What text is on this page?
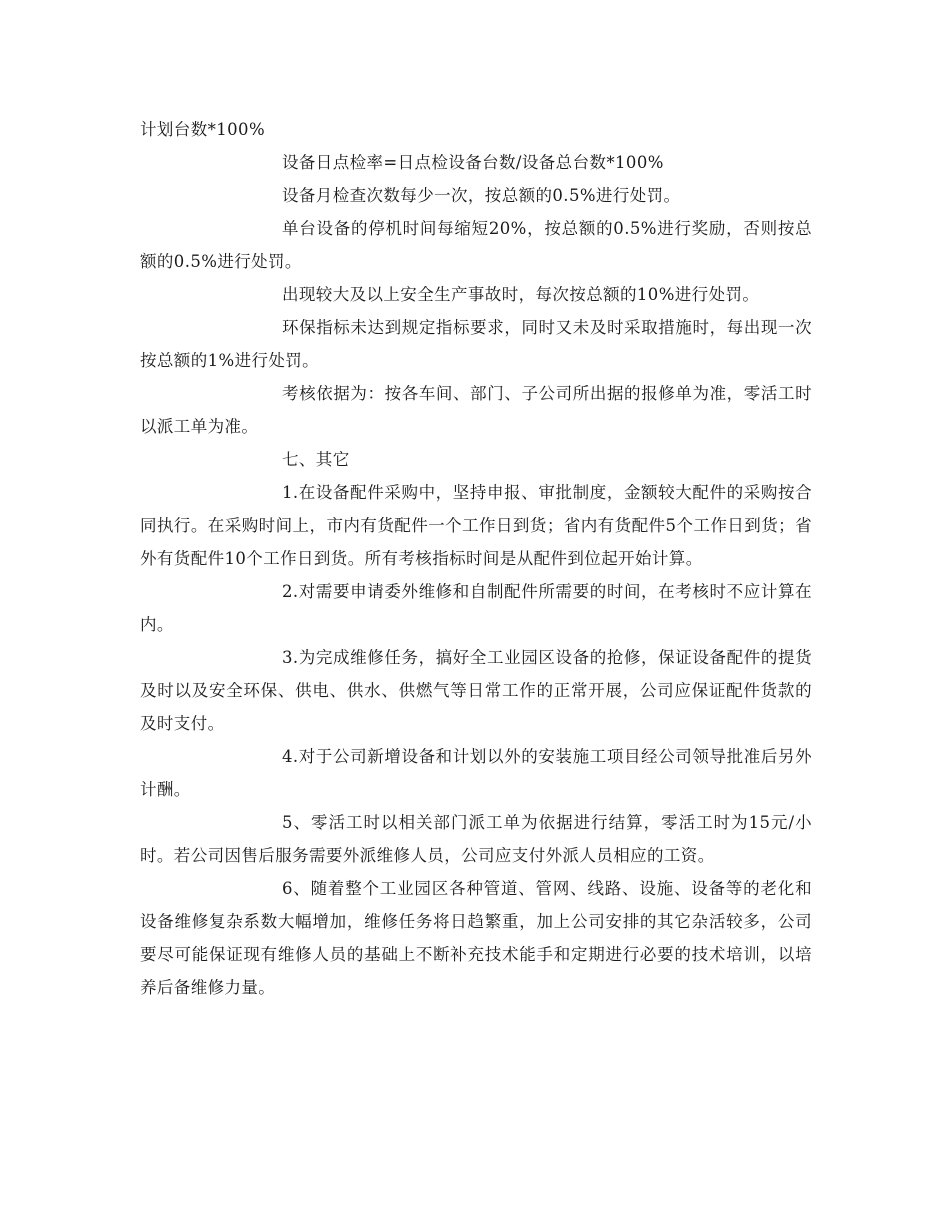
计划台数*100%

设备日点检率=日点检设备台数/设备总台数*100%

设备月检查次数每少一次，按总额的0.5%进行处罚。

单台设备的停机时间每缩短20%，按总额的0.5%进行奖励，否则按总额的0.5%进行处罚。

出现较大及以上安全生产事故时，每次按总额的10%进行处罚。

环保指标未达到规定指标要求，同时又未及时采取措施时，每出现一次按总额的1%进行处罚。

考核依据为：按各车间、部门、子公司所出据的报修单为准，零活工时以派工单为准。

七、其它

1.在设备配件采购中，坚持申报、审批制度，金额较大配件的采购按合同执行。在采购时间上，市内有货配件一个工作日到货；省内有货配件5个工作日到货；省外有货配件10个工作日到货。所有考核指标时间是从配件到位起开始计算。

2.对需要申请委外维修和自制配件所需要的时间，在考核时不应计算在内。

3.为完成维修任务，搞好全工业园区设备的抢修，保证设备配件的提货及时以及安全环保、供电、供水、供燃气等日常工作的正常开展，公司应保证配件货款的及时支付。

4.对于公司新增设备和计划以外的安装施工项目经公司领导批准后另外计酬。

5、零活工时以相关部门派工单为依据进行结算，零活工时为15元/小时。若公司因售后服务需要外派维修人员，公司应支付外派人员相应的工资。

6、随着整个工业园区各种管道、管网、线路、设施、设备等的老化和设备维修复杂系数大幅增加，维修任务将日趋繁重，加上公司安排的其它杂活较多，公司要尽可能保证现有维修人员的基础上不断补充技术能手和定期进行必要的技术培训，以培养后备维修力量。
